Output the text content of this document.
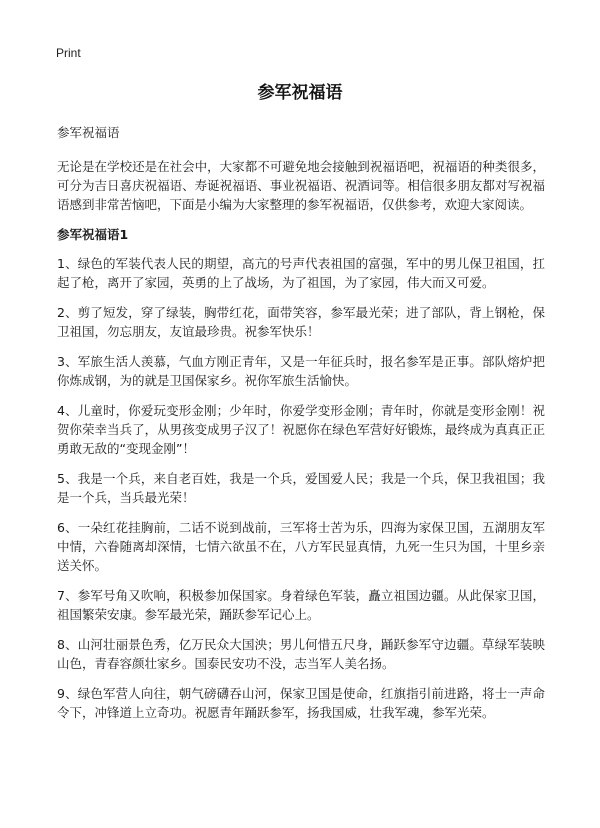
Print
参军祝福语
参军祝福语

无论是在学校还是在社会中，大家都不可避免地会接触到祝福语吧，祝福语的种类很多，可分为吉日喜庆祝福语、寿诞祝福语、事业祝福语、祝酒词等。相信很多朋友都对写祝福语感到非常苦恼吧，下面是小编为大家整理的参军祝福语，仅供参考，欢迎大家阅读。

参军祝福语1

1、绿色的军装代表人民的期望，高亢的号声代表祖国的富强，军中的男儿保卫祖国，扛起了枪，离开了家园，英勇的上了战场，为了祖国，为了家园，伟大而又可爱。

2、剪了短发，穿了绿装，胸带红花，面带笑容，参军最光荣；进了部队，背上钢枪，保卫祖国，勿忘朋友，友谊最珍贵。祝参军快乐！

3、军旅生活人羡慕，气血方刚正青年，又是一年征兵时，报名参军是正事。部队熔炉把你炼成钢，为的就是卫国保家乡。祝你军旅生活愉快。

4、儿童时，你爱玩变形金刚；少年时，你爱学变形金刚；青年时，你就是变形金刚！祝贺你荣幸当兵了，从男孩变成男子汉了！祝愿你在绿色军营好好锻炼，最终成为真真正正勇敢无敌的“变现金刚”！

5、我是一个兵，来自老百姓，我是一个兵，爱国爱人民；我是一个兵，保卫我祖国；我是一个兵，当兵最光荣！

6、一朵红花挂胸前，二话不说到战前，三军将士苦为乐，四海为家保卫国，五湖朋友军中情，六眷随离却深情，七情六欲虽不在，八方军民显真情，九死一生只为国，十里乡亲送关怀。

7、参军号角又吹响，积极参加保国家。身着绿色军装，矗立祖国边疆。从此保家卫国，祖国繁荣安康。参军最光荣，踊跃参军记心上。

8、山河壮丽景色秀，亿万民众大国泱；男儿何惜五尺身，踊跃参军守边疆。草绿军装映山色，青春容颜壮家乡。国泰民安功不没，志当军人美名扬。

9、绿色军营人向往，朝气磅礴吞山河，保家卫国是使命，红旗指引前进路，将士一声命令下，冲锋道上立奇功。祝愿青年踊跃参军，扬我国威，壮我军魂，参军光荣。
